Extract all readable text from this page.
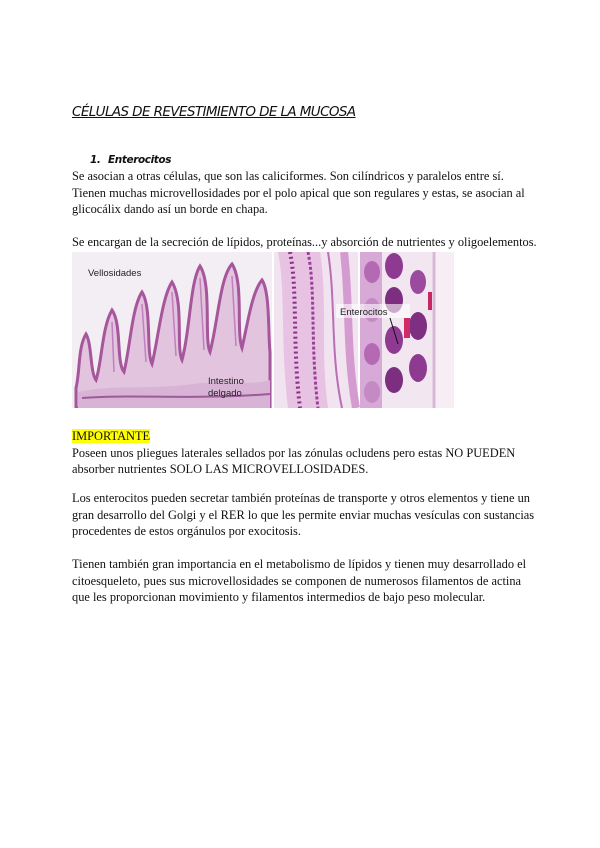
CÉLULAS DE REVESTIMIENTO DE LA MUCOSA
1. Enterocitos

Se asocian a otras células, que son las caliciformes. Son cilíndricos y paralelos entre sí.
Tienen muchas microvellosidades por el polo apical que son regulares y estas, se asocian al
glicocálix dando así un borde en chapa.

Se encargan de la secreción de lípidos, proteínas...y absorción de nutrientes y oligoelementos.

Vellosidades
Intestino
delgado
Enterocitos

IMPORTANTE
Poseen unos pliegues laterales sellados por las zónulas ocludens pero estas NO PUEDEN
absorber nutrientes SOLO LAS MICROVELLOSIDADES.

Los enterocitos pueden secretar también proteínas de transporte y otros elementos y tiene un
gran desarrollo del Golgi y el RER lo que les permite enviar muchas vesículas con sustancias
procedentes de estos orgánulos por exocitosis.

Tienen también gran importancia en el metabolismo de lípidos y tienen muy desarrollado el
citoesqueleto, pues sus microvellosidades se componen de numerosos filamentos de actina
que les proporcionan movimiento y filamentos intermedios de bajo peso molecular.
